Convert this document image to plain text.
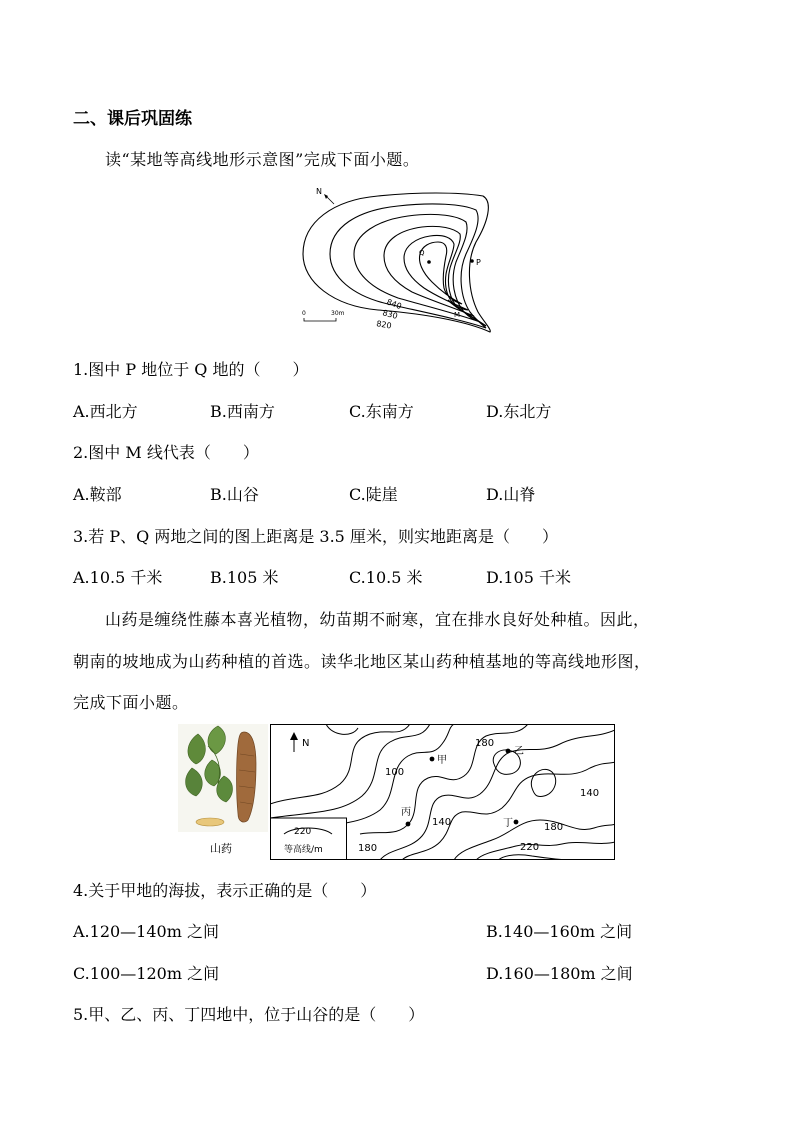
二、课后巩固练
读“某地等高线地形示意图”完成下面小题。
N
Q
P
M
840
830
820
0	30m
1.图中 P 地位于 Q 地的（　　）
A.西北方	B.西南方	C.东南方	D.东北方
2.图中 M 线代表（　　）
A.鞍部	B.山谷	C.陡崖	D.山脊
3.若 P、Q 两地之间的图上距离是 3.5 厘米，则实地距离是（　　）
A.10.5 千米	B.105 米	C.10.5 米	D.105 千米
山药是缠绕性藤本喜光植物，幼苗期不耐寒，宜在排水良好处种植。因此，
朝南的坡地成为山药种植的首选。读华北地区某山药种植基地的等高线地形图，
完成下面小题。
山药
N
甲
乙
丙
丁
180
100
140
140
180
220
180
220
等高线/m
4.关于甲地的海拔，表示正确的是（　　）
A.120—140m 之间	B.140—160m 之间
C.100—120m 之间	D.160—180m 之间
5.甲、乙、丙、丁四地中，位于山谷的是（　　）
